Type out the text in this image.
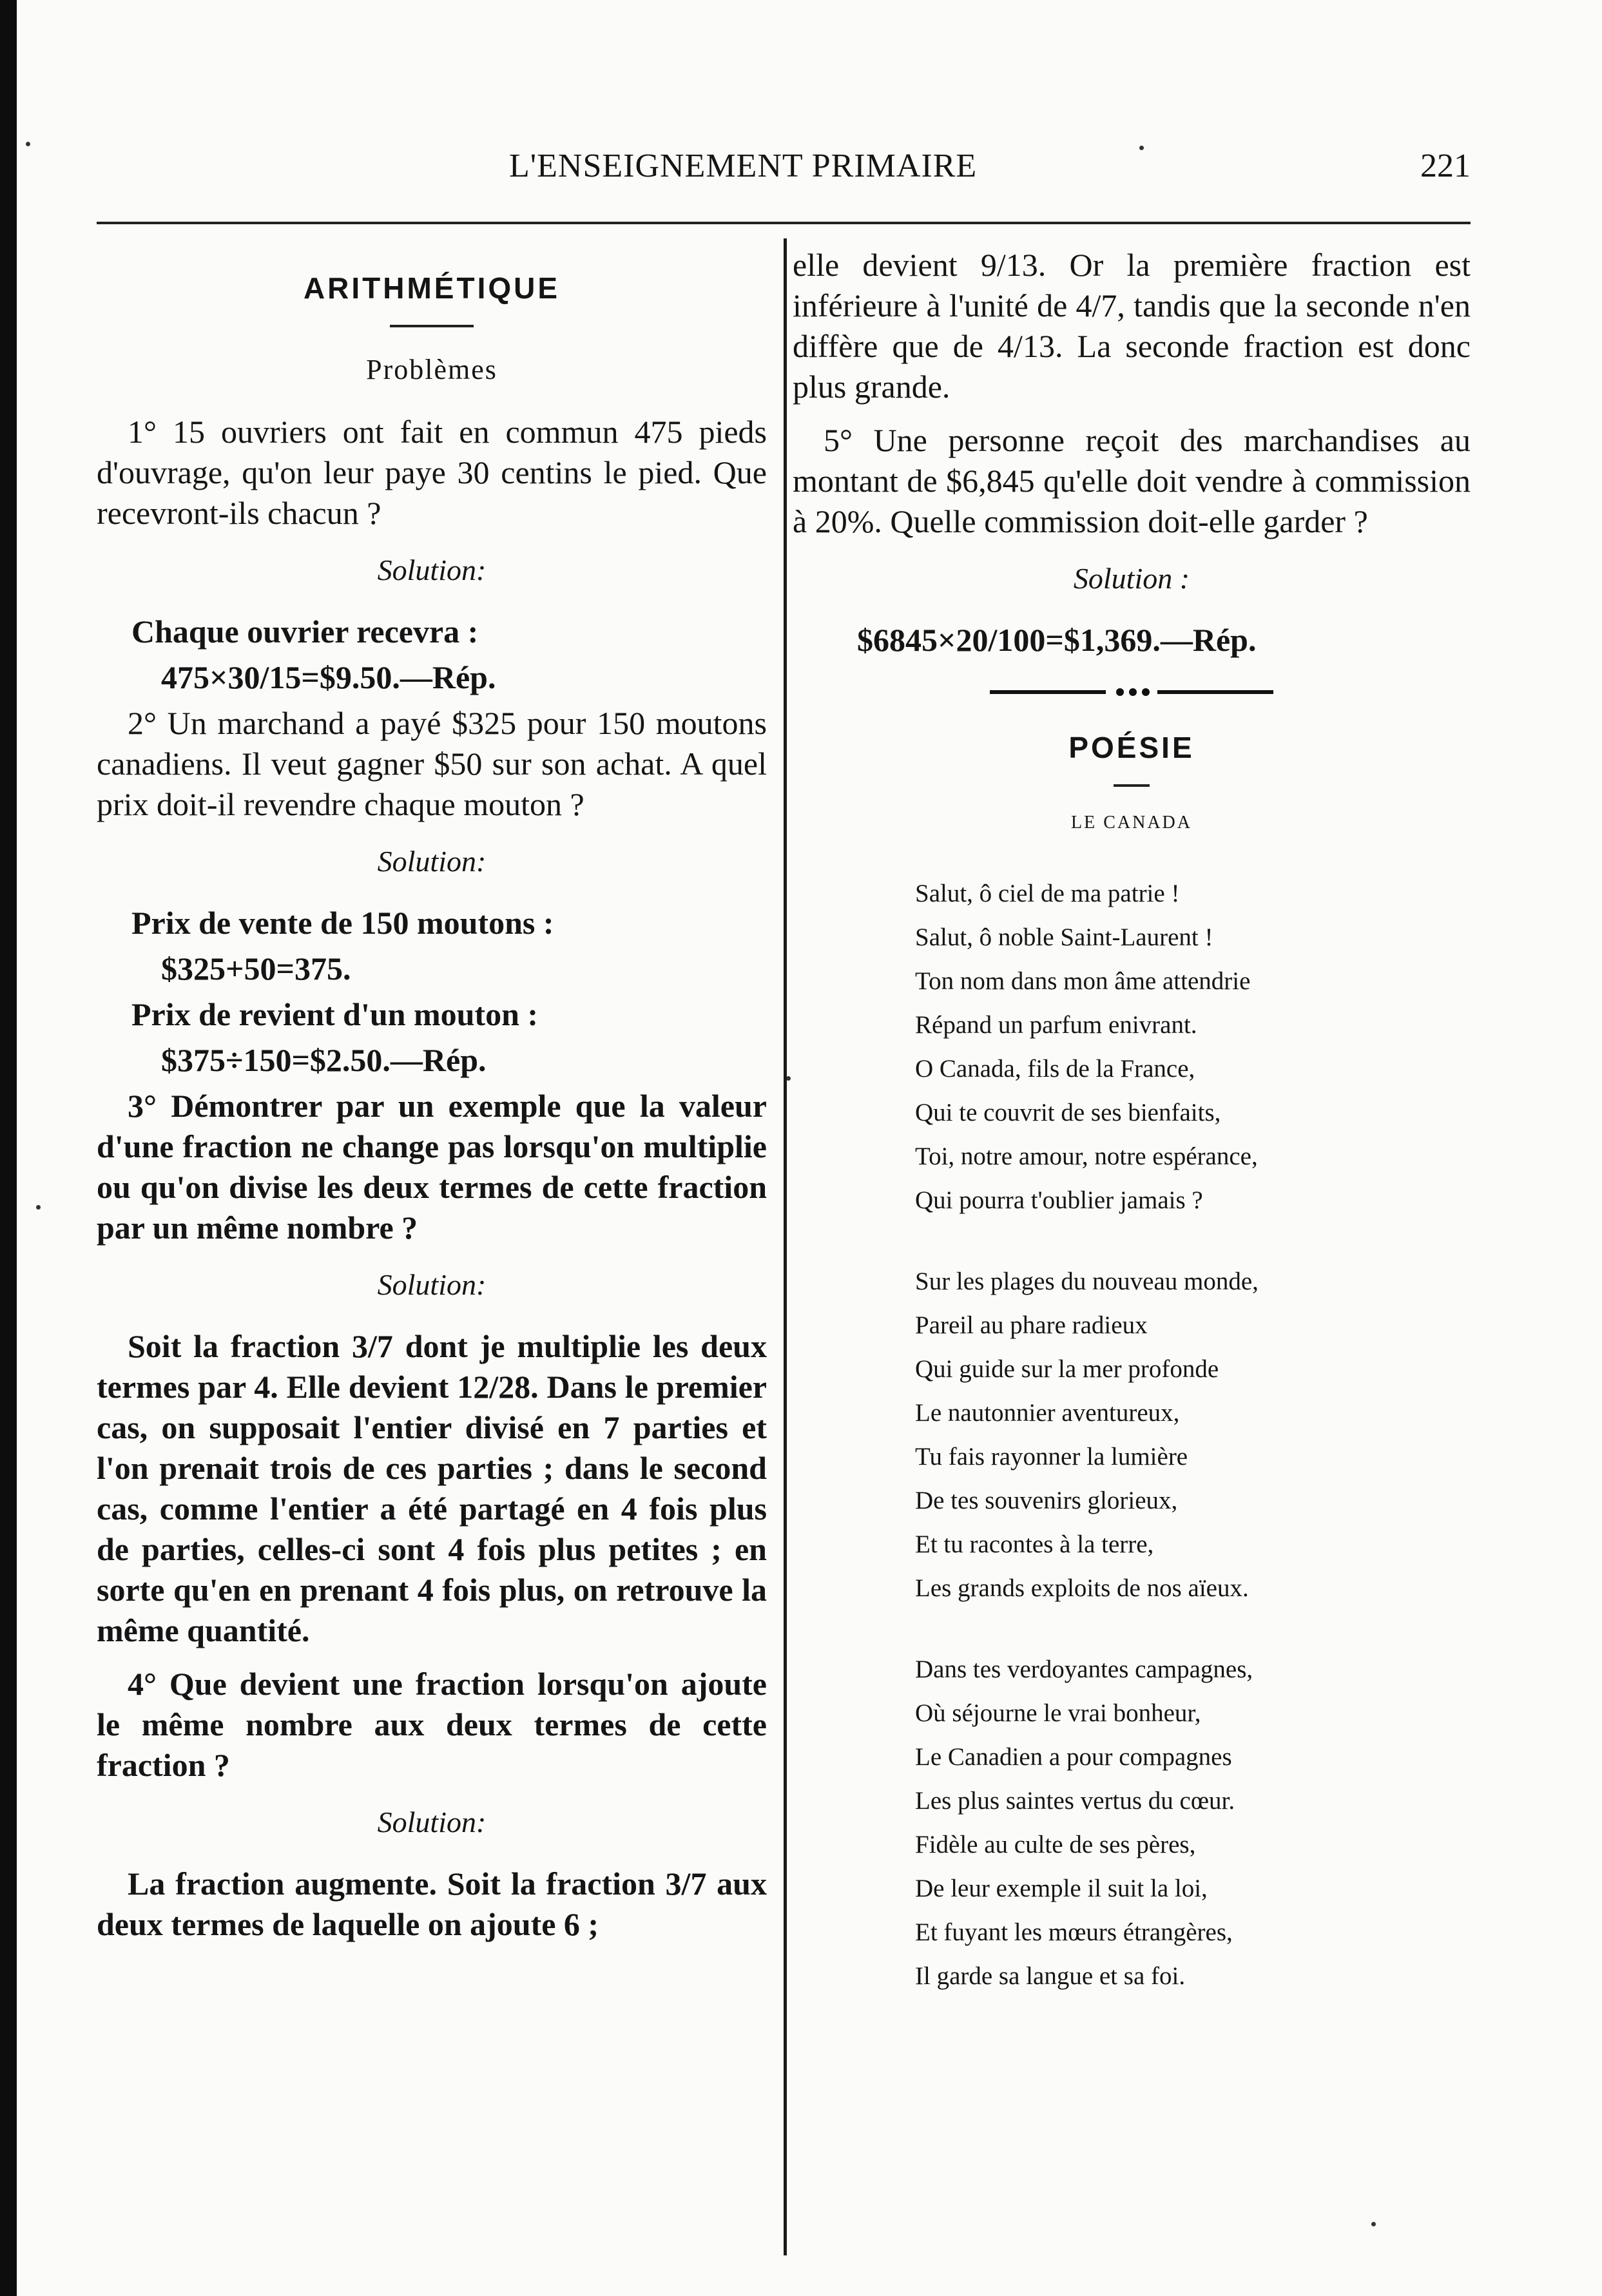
L'ENSEIGNEMENT PRIMAIRE	221
ARITHMÉTIQUE
Problèmes

1° 15 ouvriers ont fait en commun 475 pieds d'ouvrage, qu'on leur paye 30 centins le pied. Que recevront-ils chacun ?

Solution:

Chaque ouvrier recevra :

475×30/15=$9.50.—Rép.

2° Un marchand a payé $325 pour 150 moutons canadiens. Il veut gagner $50 sur son achat. A quel prix doit-il revendre chaque mouton ?

Solution:

Prix de vente de 150 moutons :

$325+50=375.

Prix de revient d'un mouton :

$375÷150=$2.50.—Rép.

3° Démontrer par un exemple que la valeur d'une fraction ne change pas lorsqu'on multiplie ou qu'on divise les deux termes de cette fraction par un même nombre ?

Solution:

Soit la fraction 3/7 dont je multiplie les deux termes par 4. Elle devient 12/28. Dans le premier cas, on supposait l'entier divisé en 7 parties et l'on prenait trois de ces parties ; dans le second cas, comme l'entier a été partagé en 4 fois plus de parties, celles-ci sont 4 fois plus petites ; en sorte qu'en en prenant 4 fois plus, on retrouve la même quantité.

4° Que devient une fraction lorsqu'on ajoute le même nombre aux deux termes de cette fraction ?

Solution:

La fraction augmente. Soit la fraction 3/7 aux deux termes de laquelle on ajoute 6 ;

elle devient 9/13. Or la première fraction est inférieure à l'unité de 4/7, tandis que la seconde n'en diffère que de 4/13. La seconde fraction est donc plus grande.

5° Une personne reçoit des marchandises au montant de $6,845 qu'elle doit vendre à commission à 20%. Quelle commission doit-elle garder ?

Solution :

$6845×20/100=$1,369.—Rép.

POÉSIE
LE CANADA

Salut, ô ciel de ma patrie !

Salut, ô noble Saint-Laurent !

Ton nom dans mon âme attendrie

Répand un parfum enivrant.

O Canada, fils de la France,

Qui te couvrit de ses bienfaits,

Toi, notre amour, notre espérance,

Qui pourra t'oublier jamais ?

Sur les plages du nouveau monde,

Pareil au phare radieux

Qui guide sur la mer profonde

Le nautonnier aventureux,

Tu fais rayonner la lumière

De tes souvenirs glorieux,

Et tu racontes à la terre,

Les grands exploits de nos aïeux.

Dans tes verdoyantes campagnes,

Où séjourne le vrai bonheur,

Le Canadien a pour compagnes

Les plus saintes vertus du cœur.

Fidèle au culte de ses pères,

De leur exemple il suit la loi,

Et fuyant les mœurs étrangères,

Il garde sa langue et sa foi.
